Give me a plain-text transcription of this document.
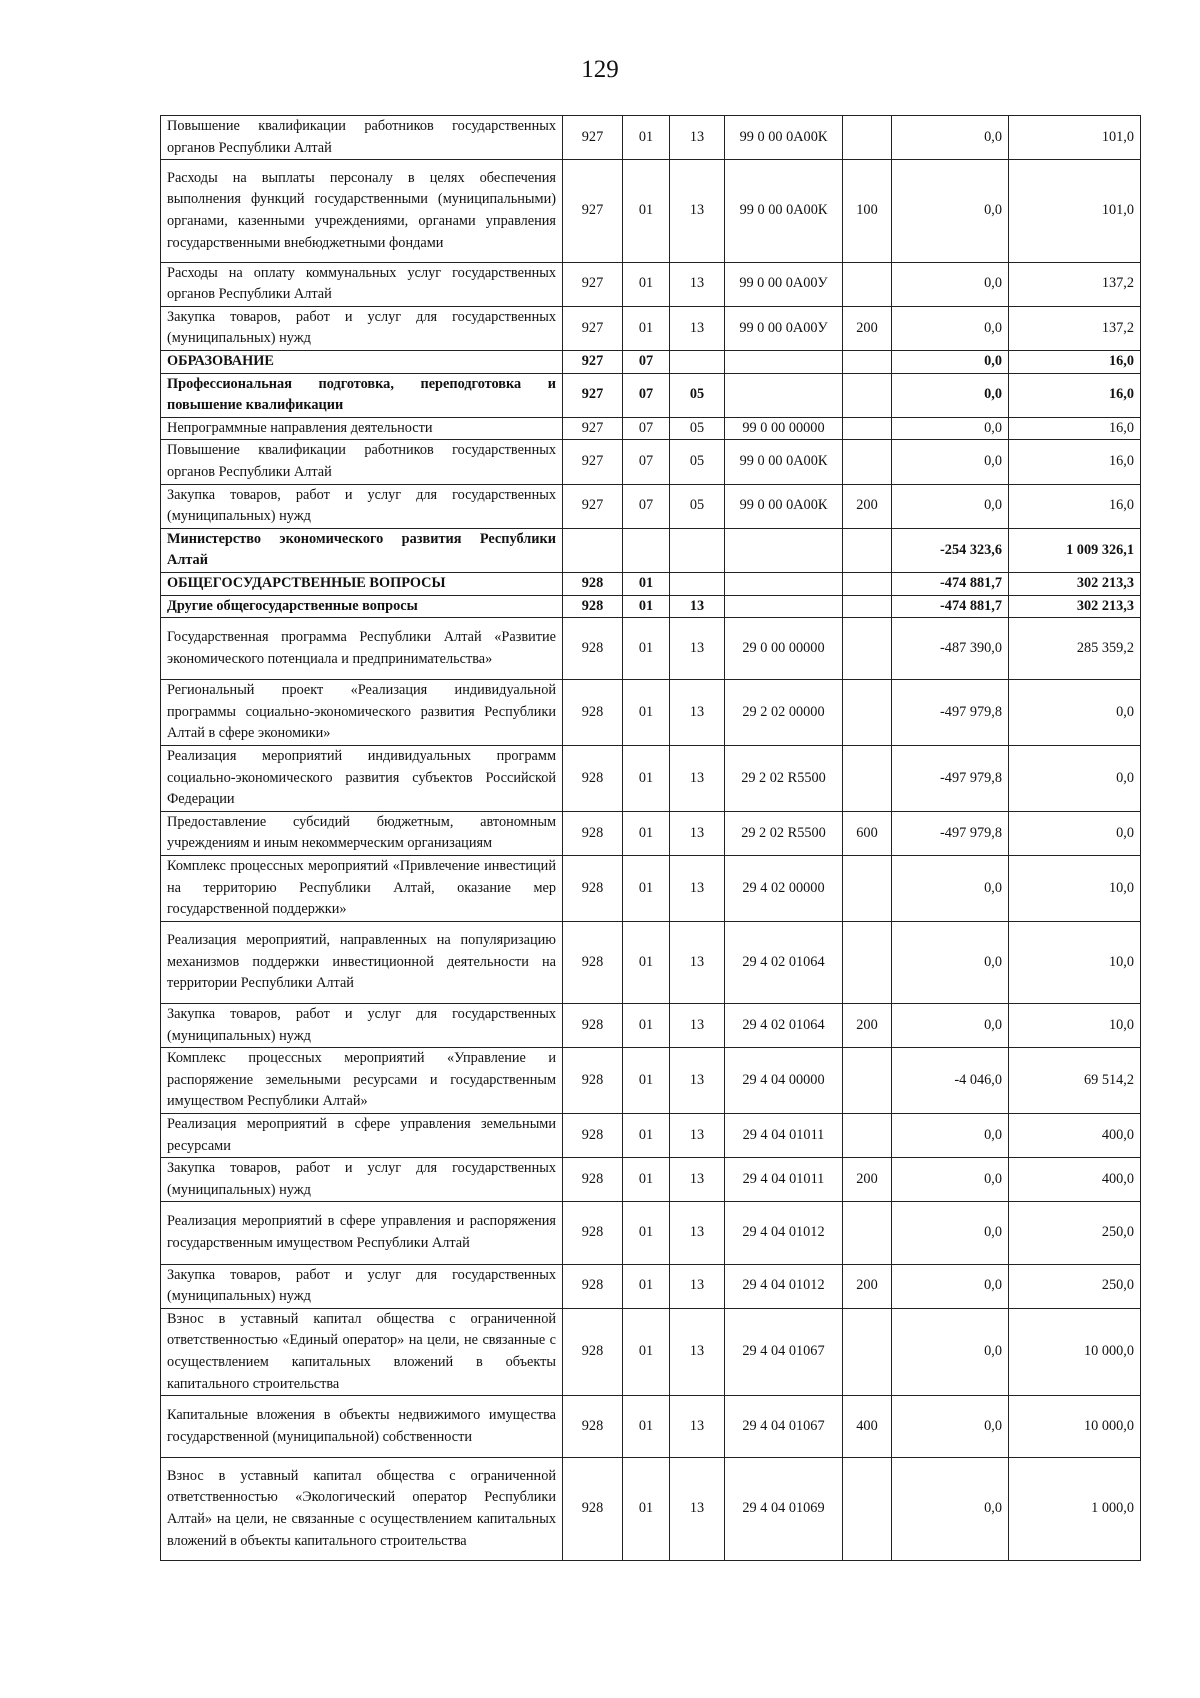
129
Повышение квалификации работников государственных органов Республики Алтай	927	01	13	99 0 00 0А00К		0,0	101,0
Расходы на выплаты персоналу в целях обеспечения выполнения функций государственными (муниципальными) органами, казенными учреждениями, органами управления государственными внебюджетными фондами	927	01	13	99 0 00 0А00К	100	0,0	101,0
Расходы на оплату коммунальных услуг государственных органов Республики Алтай	927	01	13	99 0 00 0А00У		0,0	137,2
Закупка товаров, работ и услуг для государственных (муниципальных) нужд	927	01	13	99 0 00 0А00У	200	0,0	137,2
ОБРАЗОВАНИЕ	927	07				0,0	16,0
Профессиональная подготовка, переподготовка и повышение квалификации	927	07	05			0,0	16,0
Непрограммные направления деятельности	927	07	05	99 0 00 00000		0,0	16,0
Повышение квалификации работников государственных органов Республики Алтай	927	07	05	99 0 00 0А00К		0,0	16,0
Закупка товаров, работ и услуг для государственных (муниципальных) нужд	927	07	05	99 0 00 0А00К	200	0,0	16,0
Министерство экономического развития Республики Алтай						-254 323,6	1 009 326,1
ОБЩЕГОСУДАРСТВЕННЫЕ ВОПРОСЫ	928	01				-474 881,7	302 213,3
Другие общегосударственные вопросы	928	01	13			-474 881,7	302 213,3
Государственная программа Республики Алтай «Развитие экономического потенциала и предпринимательства»	928	01	13	29 0 00 00000		-487 390,0	285 359,2
Региональный проект «Реализация индивидуальной программы социально-экономического развития Республики Алтай в сфере экономики»	928	01	13	29 2 02 00000		-497 979,8	0,0
Реализация мероприятий индивидуальных программ социально-экономического развития субъектов Российской Федерации	928	01	13	29 2 02 R5500		-497 979,8	0,0
Предоставление субсидий бюджетным, автономным учреждениям и иным некоммерческим организациям	928	01	13	29 2 02 R5500	600	-497 979,8	0,0
Комплекс процессных мероприятий «Привлечение инвестиций на территорию Республики Алтай, оказание мер государственной поддержки»	928	01	13	29 4 02 00000		0,0	10,0
Реализация мероприятий, направленных на популяризацию механизмов поддержки инвестиционной деятельности на территории Республики Алтай	928	01	13	29 4 02 01064		0,0	10,0
Закупка товаров, работ и услуг для государственных (муниципальных) нужд	928	01	13	29 4 02 01064	200	0,0	10,0
Комплекс процессных мероприятий «Управление и распоряжение земельными ресурсами и государственным имуществом Республики Алтай»	928	01	13	29 4 04 00000		-4 046,0	69 514,2
Реализация мероприятий в сфере управления земельными ресурсами	928	01	13	29 4 04 01011		0,0	400,0
Закупка товаров, работ и услуг для государственных (муниципальных) нужд	928	01	13	29 4 04 01011	200	0,0	400,0
Реализация мероприятий в сфере управления и распоряжения государственным имуществом Республики Алтай	928	01	13	29 4 04 01012		0,0	250,0
Закупка товаров, работ и услуг для государственных (муниципальных) нужд	928	01	13	29 4 04 01012	200	0,0	250,0
Взнос в уставный капитал общества с ограниченной ответственностью «Единый оператор» на цели, не связанные с осуществлением капитальных вложений в объекты капитального строительства	928	01	13	29 4 04 01067		0,0	10 000,0
Капитальные вложения в объекты недвижимого имущества государственной (муниципальной) собственности	928	01	13	29 4 04 01067	400	0,0	10 000,0
Взнос в уставный капитал общества с ограниченной ответственностью «Экологический оператор Республики Алтай» на цели, не связанные с осуществлением капитальных вложений в объекты капитального строительства	928	01	13	29 4 04 01069		0,0	1 000,0
